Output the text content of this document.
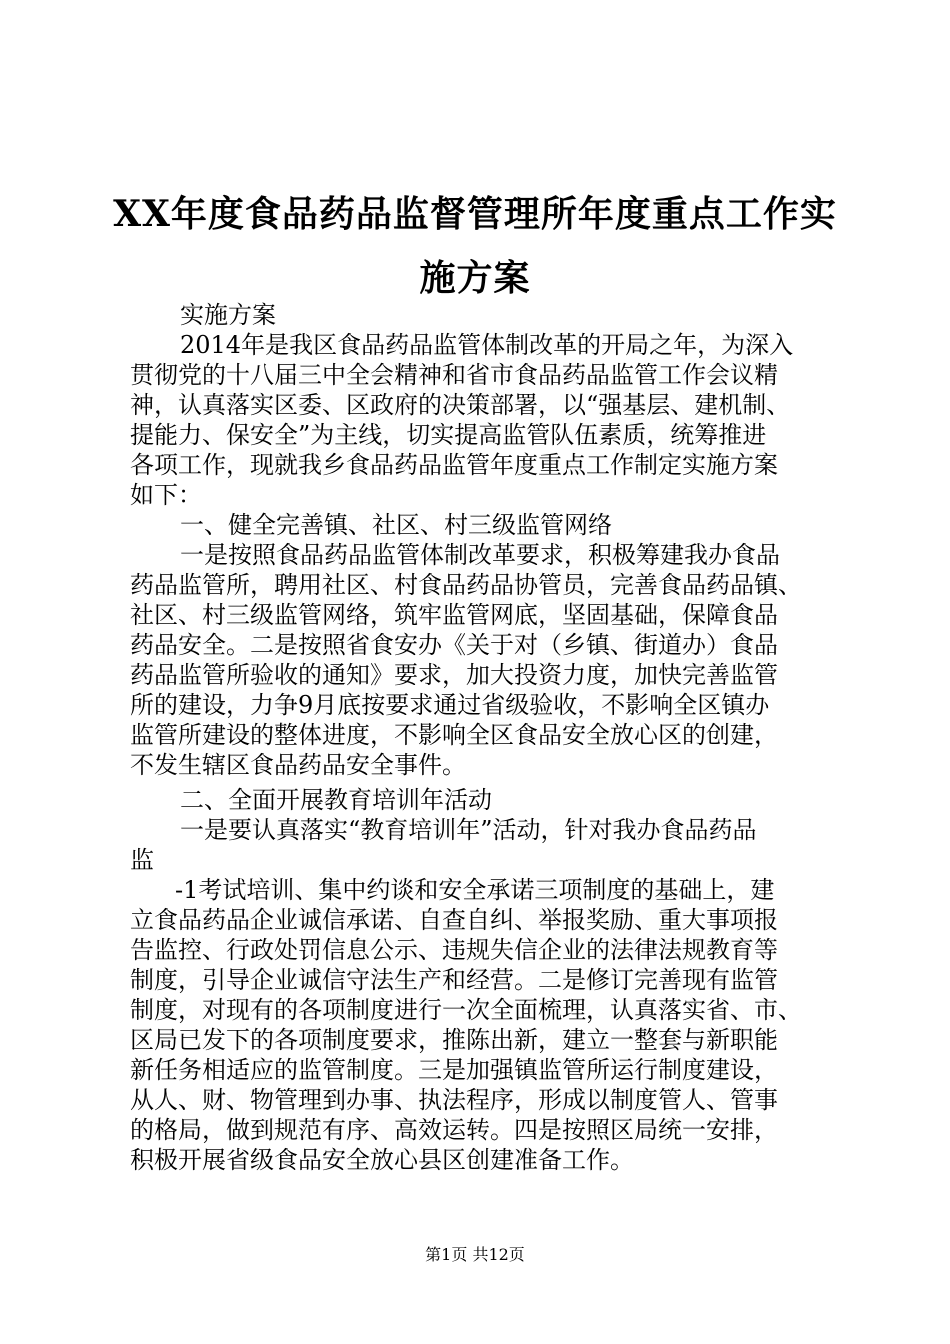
XX年度食品药品监督管理所年度重点工作实
施方案
实施方案
2014年是我区食品药品监管体制改革的开局之年，为深入
贯彻党的十八届三中全会精神和省市食品药品监管工作会议精
神，认真落实区委、区政府的决策部署，以“强基层、建机制、
提能力、保安全”为主线，切实提高监管队伍素质，统筹推进
各项工作，现就我乡食品药品监管年度重点工作制定实施方案
如下：
一、健全完善镇、社区、村三级监管网络
一是按照食品药品监管体制改革要求，积极筹建我办食品
药品监管所，聘用社区、村食品药品协管员，完善食品药品镇、
社区、村三级监管网络，筑牢监管网底，坚固基础，保障食品
药品安全。二是按照省食安办《关于对（乡镇、街道办）食品
药品监管所验收的通知》要求，加大投资力度，加快完善监管
所的建设，力争9月底按要求通过省级验收，不影响全区镇办
监管所建设的整体进度，不影响全区食品安全放心区的创建，
不发生辖区食品药品安全事件。
二、全面开展教育培训年活动
一是要认真落实“教育培训年”活动，针对我办食品药品
监
-1考试培训、集中约谈和安全承诺三项制度的基础上，建
立食品药品企业诚信承诺、自查自纠、举报奖励、重大事项报
告监控、行政处罚信息公示、违规失信企业的法律法规教育等
制度，引导企业诚信守法生产和经营。二是修订完善现有监管
制度，对现有的各项制度进行一次全面梳理，认真落实省、市、
区局已发下的各项制度要求，推陈出新，建立一整套与新职能
新任务相适应的监管制度。三是加强镇监管所运行制度建设，
从人、财、物管理到办事、执法程序，形成以制度管人、管事
的格局，做到规范有序、高效运转。四是按照区局统一安排，
积极开展省级食品安全放心县区创建准备工作。
第1页 共12页
